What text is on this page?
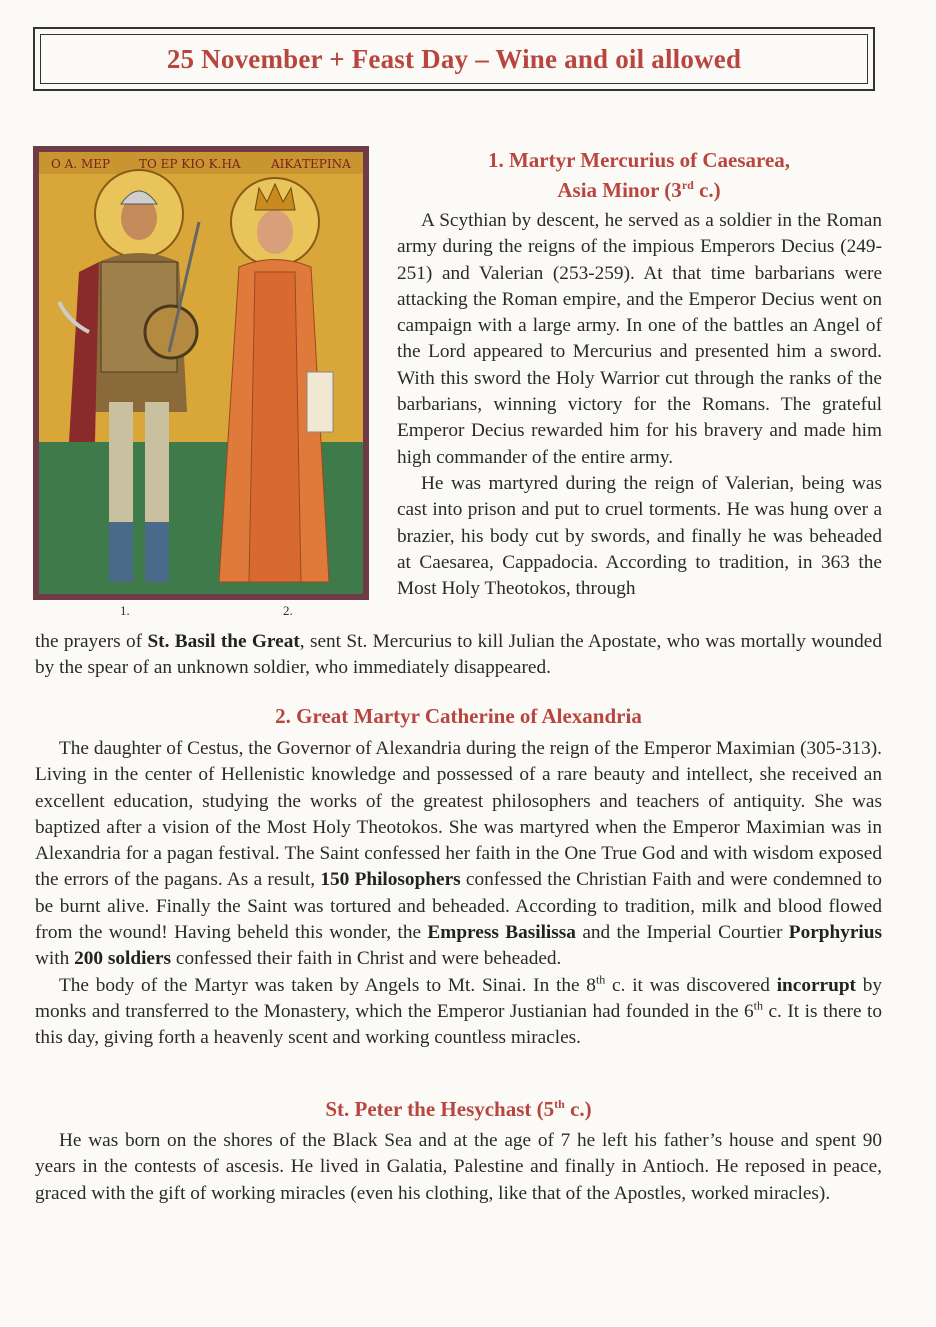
25 November + Feast Day – Wine and oil allowed
Ο Α. ΜΕΡ ΤΟ ΕΡ ΚΙΟ Κ.ΗΑ	ΑΙΚΑΤΕΡΙΝΑ
1.	2.
1. Martyr Mercurius of Caesarea,
Asia Minor (3rd c.)

A Scythian by descent, he served as a soldier in the Roman army during the reigns of the impious Emperors Decius (249-251) and Valerian (253-259). At that time barbarians were attacking the Roman empire, and the Emperor Decius went on campaign with a large army. In one of the battles an Angel of the Lord appeared to Mercurius and presented him a sword. With this sword the Holy Warrior cut through the ranks of the barbarians, winning victory for the Romans. The grateful Emperor Decius rewarded him for his bravery and made him high commander of the entire army.

He was martyred during the reign of Valerian, being was cast into prison and put to cruel torments. He was hung over a brazier, his body cut by swords, and finally he was beheaded at Caesarea, Cappadocia. According to tradition, in 363 the Most Holy Theotokos, through

the prayers of St. Basil the Great, sent St. Mercurius to kill Julian the Apostate, who was mortally wounded by the spear of an unknown soldier, who immediately disappeared.

2. Great Martyr Catherine of Alexandria

The daughter of Cestus, the Governor of Alexandria during the reign of the Emperor Maximian (305-313). Living in the center of Hellenistic knowledge and possessed of a rare beauty and intellect, she received an excellent education, studying the works of the greatest philosophers and teachers of antiquity. She was baptized after a vision of the Most Holy Theotokos. She was martyred when the Emperor Maximian was in Alexandria for a pagan festival. The Saint confessed her faith in the One True God and with wisdom exposed the errors of the pagans. As a result, 150 Philosophers confessed the Christian Faith and were condemned to be burnt alive. Finally the Saint was tortured and beheaded. According to tradition, milk and blood flowed from the wound! Having beheld this wonder, the Empress Basilissa and the Imperial Courtier Porphyrius with 200 soldiers confessed their faith in Christ and were beheaded.

The body of the Martyr was taken by Angels to Mt. Sinai. In the 8th c. it was discovered incorrupt by monks and transferred to the Monastery, which the Emperor Justianian had founded in the 6th c. It is there to this day, giving forth a heavenly scent and working countless miracles.

St. Peter the Hesychast (5th c.)

He was born on the shores of the Black Sea and at the age of 7 he left his father’s house and spent 90 years in the contests of ascesis. He lived in Galatia, Palestine and finally in Antioch. He reposed in peace, graced with the gift of working miracles (even his clothing, like that of the Apostles, worked miracles).
